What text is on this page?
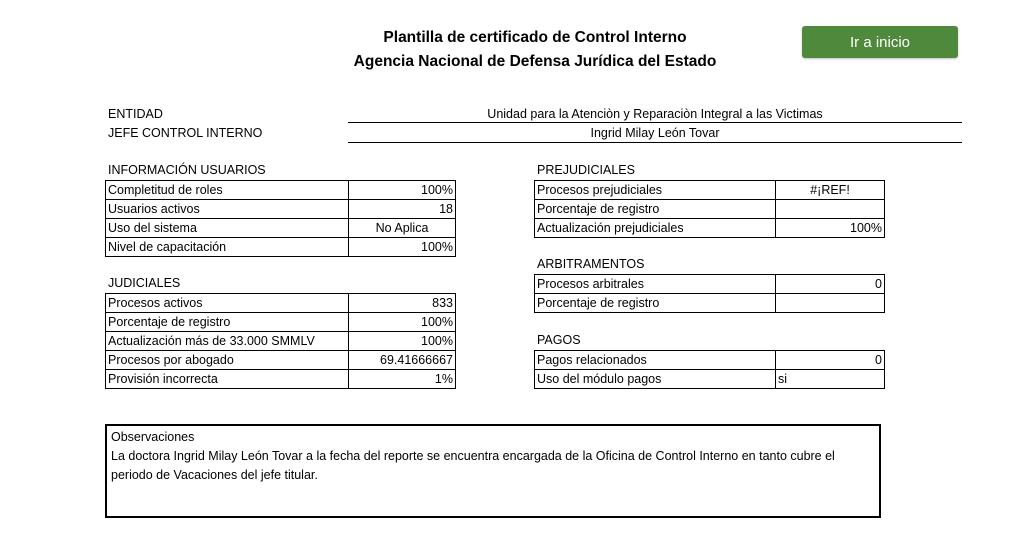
Plantilla de certificado de Control Interno
Agencia Nacional de Defensa Jurídica del Estado
Ir a inicio
ENTIDAD	Unidad para la Atenciòn y Reparaciòn Integral a las Victimas
JEFE CONTROL INTERNO	Ingrid Milay León Tovar
INFORMACIÓN USUARIOS
Completitud de roles	100%
Usuarios activos	18
Uso del sistema	No Aplica
Nivel de capacitación	100%
JUDICIALES
Procesos activos	833
Porcentaje de registro	100%
Actualización más de 33.000 SMMLV	100%
Procesos por abogado	69.41666667
Provisión incorrecta	1%
PREJUDICIALES
Procesos prejudiciales	#¡REF!
Porcentaje de registro	
Actualización prejudiciales	100%
ARBITRAMENTOS
Procesos arbitrales	0
Porcentaje de registro	
PAGOS
Pagos relacionados	0
Uso del módulo pagos	si
Observaciones
La doctora Ingrid Milay León Tovar a la fecha del reporte se encuentra encargada de la Oficina de Control Interno en tanto cubre el periodo de Vacaciones del jefe titular.
